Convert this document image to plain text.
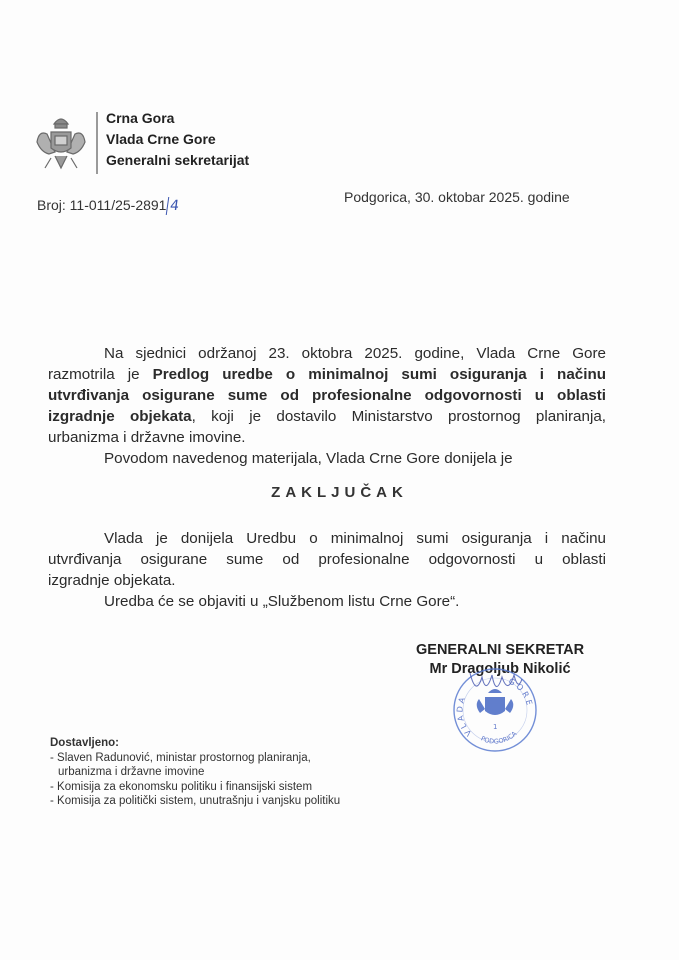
Crna Gora
Vlada Crne Gore
Generalni sekretarijat
Broj: 11-011/25-2891 4
Podgorica, 30. oktobar 2025. godine
Na sjednici održanoj 23. oktobra 2025. godine, Vlada Crne Gore
razmotrila je Predlog uredbe o minimalnoj sumi osiguranja i načinu
utvrđivanja osigurane sume od profesionalne odgovornosti u oblasti
izgradnje objekata, koji je dostavilo Ministarstvo prostornog planiranja,
urbanizma i državne imovine.
Povodom navedenog materijala, Vlada Crne Gore donijela je
ZAKLJUČAK
Vlada je donijela Uredbu o minimalnoj sumi osiguranja i načinu
utvrđivanja osigurane sume od profesionalne odgovornosti u oblasti
izgradnje objekata.
Uredba će se objaviti u „Službenom listu Crne Gore“.
GENERALNI SEKRETAR
Mr Dragoljub Nikolić
V L A D A
G O R E
PODGORICA
1
Dostavljeno:
- Slaven Radunović, ministar prostornog planiranja,
urbanizma i državne imovine
- Komisija za ekonomsku politiku i finansijski sistem
- Komisija za politički sistem, unutrašnju i vanjsku politiku
